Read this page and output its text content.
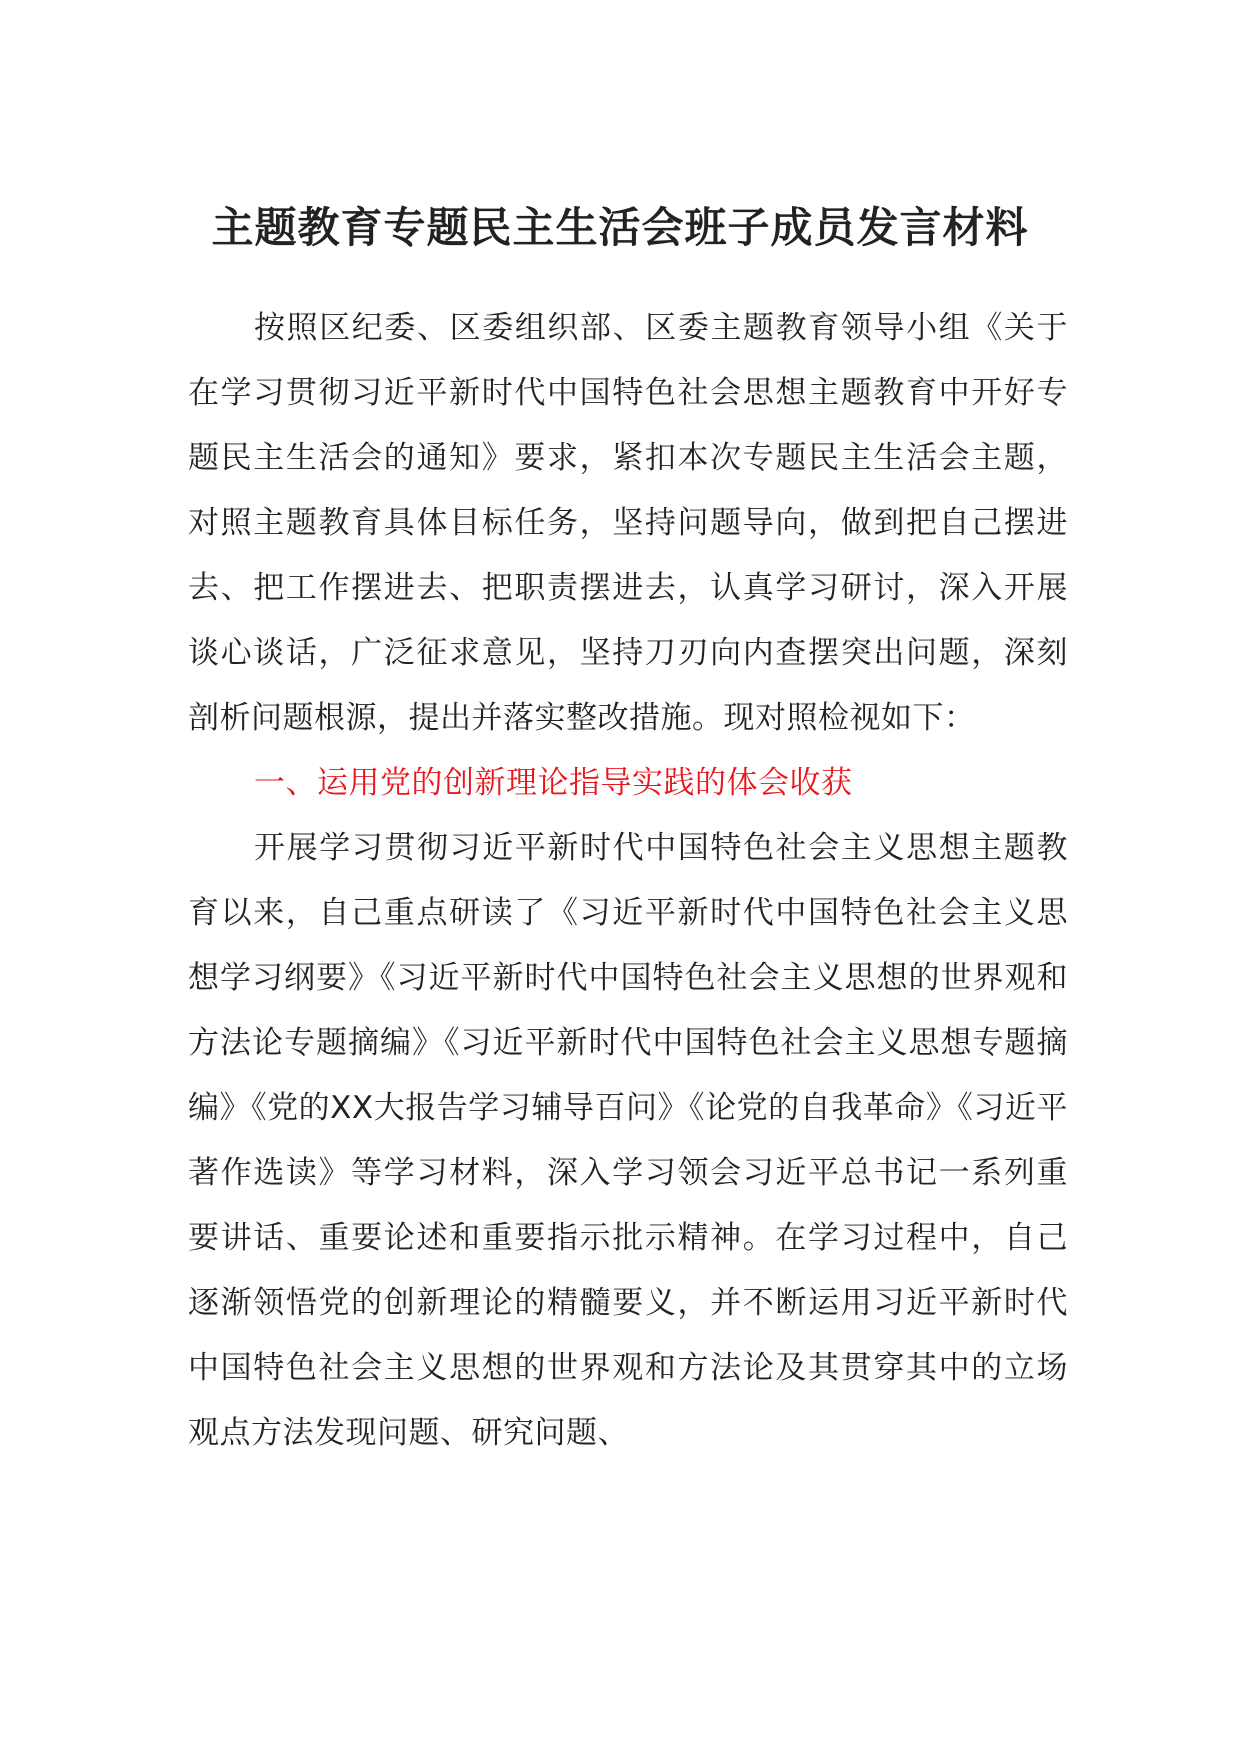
主题教育专题民主生活会班子成员发言材料

按照区纪委、区委组织部、区委主题教育领导小组《关于在学习贯彻习近平新时代中国特色社会思想主题教育中开好专题民主生活会的通知》要求，紧扣本次专题民主生活会主题，对照主题教育具体目标任务，坚持问题导向，做到把自己摆进去、把工作摆进去、把职责摆进去，认真学习研讨，深入开展谈心谈话，广泛征求意见，坚持刀刃向内查摆突出问题，深刻剖析问题根源，提出并落实整改措施。现对照检视如下：

一、运用党的创新理论指导实践的体会收获

开展学习贯彻习近平新时代中国特色社会主义思想主题教育以来，自己重点研读了《习近平新时代中国特色社会主义思想学习纲要》《习近平新时代中国特色社会主义思想的世界观和方法论专题摘编》《习近平新时代中国特色社会主义思想专题摘编》《党的XX大报告学习辅导百问》《论党的自我革命》《习近平著作选读》等学习材料，深入学习领会习近平总书记一系列重要讲话、重要论述和重要指示批示精神。在学习过程中，自己逐渐领悟党的创新理论的精髓要义，并不断运用习近平新时代中国特色社会主义思想的世界观和方法论及其贯穿其中的立场观点方法发现问题、研究问题、
